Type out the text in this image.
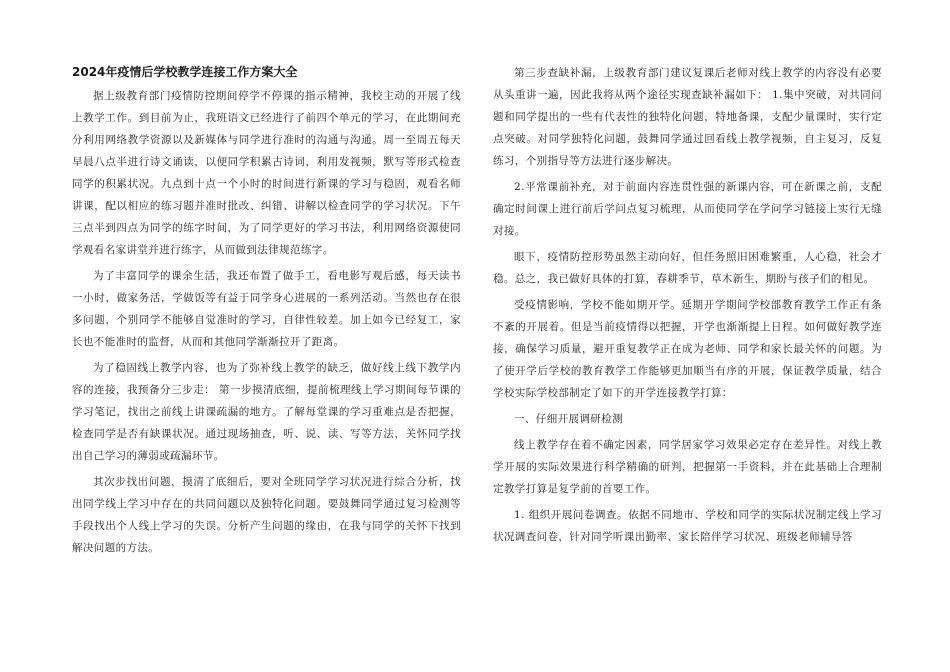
2024年疫情后学校教学连接工作方案大全

据上级教育部门疫情防控期间停学不停课的指示精神，我校主动的开展了线上教学工作。到目前为止，我班语文已经进行了前四个单元的学习，在此期间充分利用网络教学资源以及新媒体与同学进行准时的沟通与沟通。周一至周五每天早晨八点半进行诗文诵读，以便同学积累古诗词，利用发视频，默写等形式检查同学的积累状况。九点到十点一个小时的时间进行新课的学习与稳固，观看名师讲课，配以相应的练习题并准时批改、纠错、讲解以检查同学的学习状况。下午三点半到四点为同学的练字时间，为了同学更好的学习书法，利用网络资源使同学观看名家讲堂并进行练字，从而做到法律规范练字。

为了丰富同学的课余生活，我还布置了做手工，看电影写观后感，每天读书一小时，做家务活，学做饭等有益于同学身心进展的一系列活动。当然也存在很多问题，个别同学不能够自觉准时的学习，自律性较差。加上如今已经复工，家长也不能准时的监督，从而和其他同学渐渐拉开了距离。

为了稳固线上教学内容，也为了弥补线上教学的缺乏，做好线上线下教学内容的连接，我预备分三步走： 第一步摸清底细，提前梳理线上学习期间每节课的学习笔记，找出之前线上讲课疏漏的地方。了解每堂课的学习重难点是否把握，检查同学是否有缺课状况。通过现场抽查，听、说、读、写等方法，关怀同学找出自己学习的薄弱或疏漏环节。

其次步找出问题，摸清了底细后，要对全班同学学习状况进行综合分析，找出同学线上学习中存在的共同问题以及独特化问题。要鼓舞同学通过复习检测等手段找出个人线上学习的失误。分析产生问题的缘由，在我与同学的关怀下找到解决问题的方法。

第三步查缺补漏，上级教育部门建议复课后老师对线上教学的内容没有必要从头重讲一遍，因此我将从两个途径实现查缺补漏如下： 1.集中突破，对共同问题和同学提出的一些有代表性的独特化问题，特地备课，支配少量课时，实行定点突破。对同学独特化问题，鼓舞同学通过回看线上教学视频，自主复习，反复练习，个别指导等方法进行逐步解决。

2.平常课前补充，对于前面内容连贯性强的新课内容，可在新课之前，支配确定时间课上进行前后学问点复习梳理，从而使同学在学问学习链接上实行无缝对接。

眼下，疫情防控形势虽然主动向好，但任务照旧困难繁重，人心稳，社会才稳。总之，我已做好具体的打算，春耕季节，草木新生，期盼与孩子们的相见。

受疫情影响，学校不能如期开学。延期开学期间学校部教育教学工作正有条不紊的开展着。但是当前疫情得以把握，开学也渐渐提上日程。如何做好教学连接，确保学习质量，避开重复教学正在成为老师、同学和家长最关怀的问题。为了使开学后学校的教育教学工作能够更加顺当有序的开展，保证教学质量，结合学校实际学校部制定了如下的开学连接教学打算：

一、仔细开展调研检测

线上教学存在着不确定因素，同学居家学习效果必定存在差异性。对线上教学开展的实际效果进行科学精确的研判，把握第一手资料，并在此基础上合理制定教学打算是复学前的首要工作。

1. 组织开展问卷调查。依据不同地市、学校和同学的实际状况制定线上学习状况调查问卷，针对同学听课出勤率、家长陪伴学习状况、班级老师辅导答
